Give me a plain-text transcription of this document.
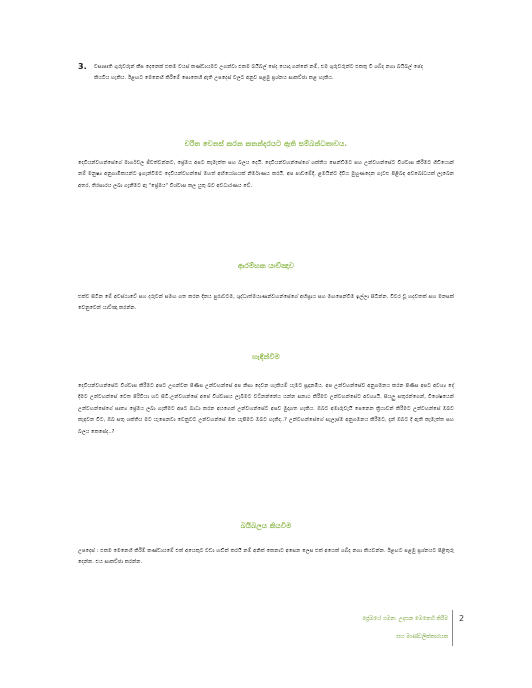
3. වසාපෘති ගුරුවරුන් කීප දෙනෙක් එකම වයස් කණ්ඩායමට උගන්වා එකම බයිබල් පේද යොදා ගන්නේ නම්, එම ගුරුවරුන්ට එකතු වී ශබ්ද නගා බයිබල් පේද කියවිය හැකිය. ඊළඟට මෙනෙහි කිරීමේ පොතෙහි ඇති උපදෙස් වලට අනුව පළමු ප්‍රශ්නය සාකච්ඡා කළ හැකිය.
චරිත වෙනස් කරන කතන්දරයට ඇති සම්බන්ධතාවය.
දෙවියන්වහන්සේගේ මාර්ගවල ජීවත්වන්නට, ප්‍රේමය අපට කැමැත්ත සහ බලය දෙයි. දෙවියන්වහන්සේගේ ශක්තිය සෙන්ඩිමට සහ උන්වහන්සේට විශ්වාස කිරීමට ගිඩියොන් නම් මනුෂ්‍ය අනුගාමිකයන්ට ඉගැන්වීමට දෙවියන්වහන්සේ මහත් අභියෝගයක් නිර්මාණය කරයි. අප පාඩමේදී, ළමයින්ට දිවිය මුහුණදෙන ගැටළු පිළිබඳ අවබෝධයක් ලැබෙන අතර, තිරසාරය ලබා ගැනීමට ඇ "ප්‍රේමය" විශ්වාස කල යුතු බව අවධාරණය වේ.
ආරම්භක යාච්ඤාව
එක්ව සිටින මේ අවස්ථාවේ සහ දරුවන් සමඟ ගත කරන දිනය පුරාවටම, ශුද්ධාත්මයාණන්වහන්සේගේ අභිප්‍රාය සහ මඟපෙන්වීම ඉල්ලා සිටින්න. විවර වූ හදවතක් සහ මනසක් වෙනුවෙන් යාච්ඤා කරන්න.
හැඳින්වීම
දෙවියන්වහන්සේට විශ්වාස කිරීමට අපට උගන්වන පිණිස උන්වහන්සේ අප නිසා දෙවන හැකියම් යැමට සූදානමිය. අප උන්වහන්සේව අනුගමනය කරන පිණිස අපට අවශ්‍ය දේ දීමට උන්වහන්සේ වෙත පිරිවියා හට සිටි.උන්වහන්සේ අපේ විශ්වාසය ලැබීමට වට්නන්නේය යන්න සනාථ කිරීමට උන්වහන්සේට අවශ්‍යයි. සියලු සතුරන්ගෙන්, විශේෂයෙන් උන්වහන්සේගේ සෘත්‍ය ප්‍රේමය ලබා ගැනීමට අපට බාධා කරන අයගෙන් උන්වහන්සේට අපව මුදාගත හැකිය. ඔබට අමාරුවැයි පෙනෙන ක්‍රියාවන් කිරීමට උන්වහන්සේ ඔබව කැඳවන විට, ඔබ සතු ශක්තිය මට යැපෙනවා වෙනුවට උන්වහන්සේ මත යැපීමට ඔබට හැකිද..? උන්වහන්සේගේ සැලැස්ම අනුගමනය කිරීමට, දැන් ඔබට දී ඇති කැමැත්ත සහ බලය කෙසේද..?
බයිබලය කියවීම
උපදෙස් : එකම මෙනෙහි කිරීම් කණ්ඩායමේ එක් අයෙකුට වඩා හඬින් කරයි නම් අනික් කෙනාට අසෙන ලෙස එක් අයෙක් ශබ්ද නගා කියවන්න. ඊළඟට පළමු ප්‍රශ්නයට පිළිතුරු දෙන්න. එය සාකච්ඡා කරන්න.
ප්‍රේමයේ ගමන: උදාසන මෙනෙහි කිරීම
සහ මාණ්ඩලික්කාරයක
2
